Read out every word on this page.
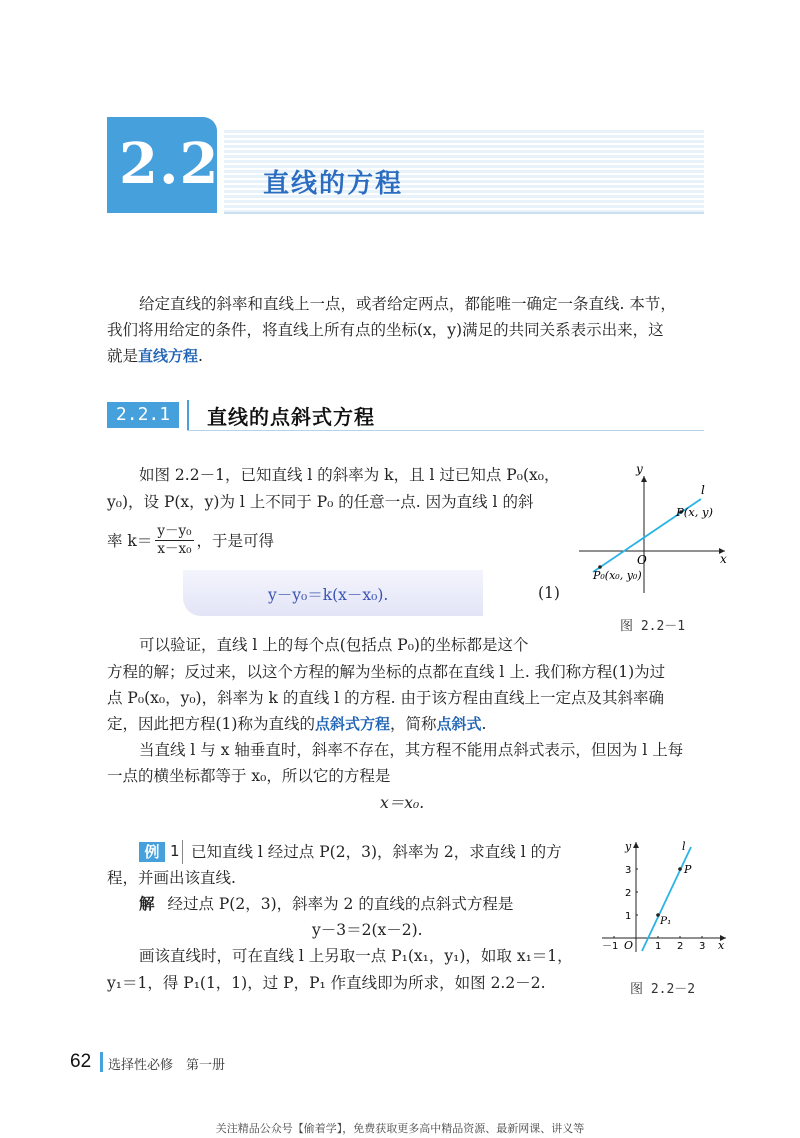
2.2 直线的方程
给定直线的斜率和直线上一点，或者给定两点，都能唯一确定一条直线. 本节，
我们将用给定的条件，将直线上所有点的坐标(x，y)满足的共同关系表示出来，这
就是直线方程.
2.2.1	直线的点斜式方程
如图 2.2－1，已知直线 l 的斜率为 k，且 l 过已知点 P₀(x₀，
y₀)，设 P(x，y)为 l 上不同于 P₀ 的任意一点. 因为直线 l 的斜
率 $k= \frac{\text{y－y₀}}{\text{x－x₀}}$ ，于是可得
y－y₀＝k(x－x₀).	(1)
y
x
O
l
P(x, y)
P₀(x₀, y₀)
图 2.2－1
可以验证，直线 l 上的每个点(包括点 P₀)的坐标都是这个
方程的解；反过来，以这个方程的解为坐标的点都在直线 l 上. 我们称方程(1)为过
点 P₀(x₀，y₀)，斜率为 k 的直线 l 的方程. 由于该方程由直线上一定点及其斜率确
定，因此把方程(1)称为直线的点斜式方程，简称点斜式.
当直线 l 与 x 轴垂直时，斜率不存在，其方程不能用点斜式表示，但因为 l 上每
一点的横坐标都等于 x₀，所以它的方程是
x＝x₀.
例 1 已知直线 l 经过点 P(2，3)，斜率为 2，求直线 l 的方
程，并画出该直线.
解 经过点 P(2，3)，斜率为 2 的直线的点斜式方程是
y－3＝2(x－2).
画该直线时，可在直线 l 上另取一点 P₁(x₁，y₁)，如取 x₁＝1，
y₁＝1，得 P₁(1，1)，过 P，P₁ 作直线即为所求，如图 2.2－2.
y
x
O
l
P
P₁
－1	1 2 3
1
2
3
图 2.2－2
62 选择性必修　第一册
关注精品公众号【偷着学】，免费获取更多高中精品资源、最新网课、讲义等
